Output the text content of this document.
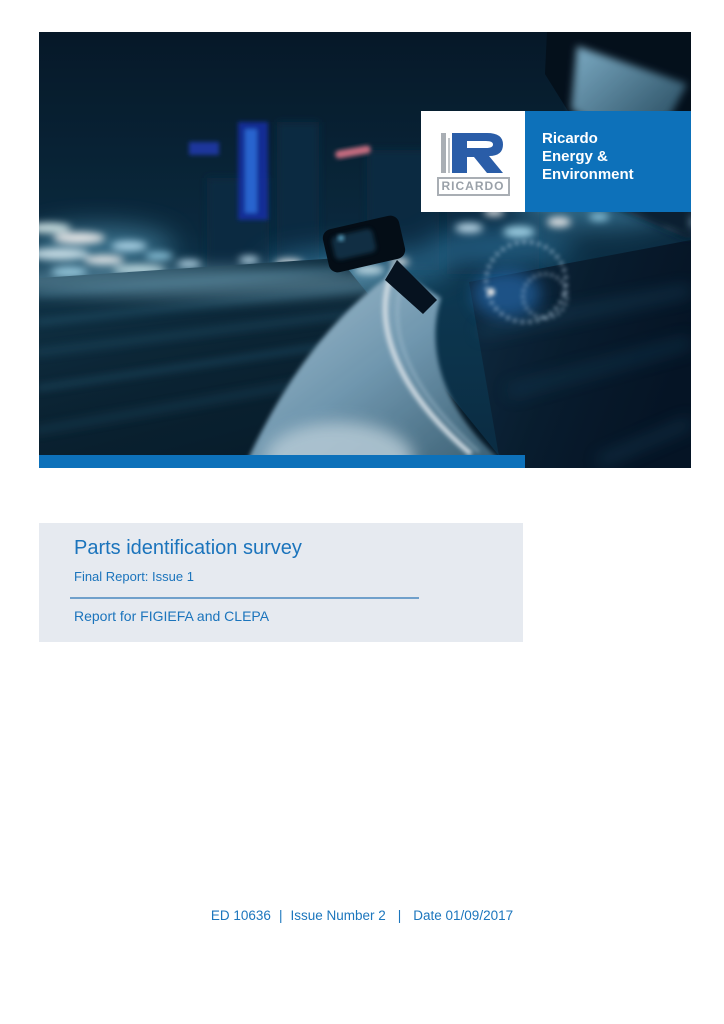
RICARDO
Ricardo
Energy & Environment
Parts identification survey
Final Report: Issue 1
Report for FIGIEFA and CLEPA
ED 10636 | Issue Number 2 | Date 01/09/2017
